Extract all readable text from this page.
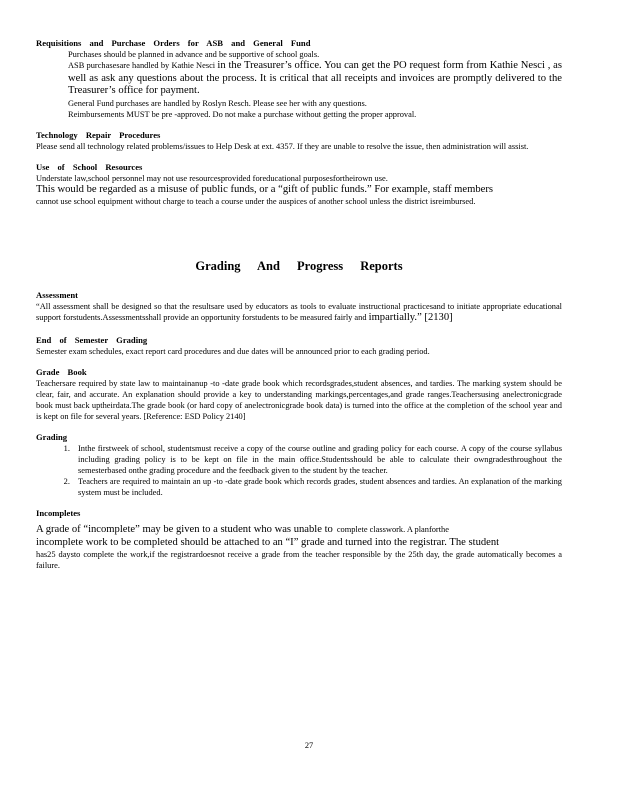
Requisitions and Purchase Orders for ASB and General Fund
Purchases should be planned in advance and be supportive of school goals.
ASB purchasesare handled by Kathie Nesci in the Treasurer’s office. You can get the PO request form from Kathie Nesci , as well as ask any questions about the process. It is critical that all receipts and invoices are promptly delivered to the Treasurer’s office for payment.
General Fund purchases are handled by Roslyn Resch. Please see her with any questions.
Reimbursements MUST be pre -approved. Do not make a purchase without getting the proper approval.
Technology Repair Procedures
Please send all technology related problems/issues to Help Desk at ext. 4357. If they are unable to resolve the issue, then administration will assist.
Use of School Resources
Understate law,school personnel may not use resourcesprovided foreducational purposesfortheirown use.
This would be regarded as a misuse of public funds, or a “gift of public funds.” For example, staff members
cannot use school equipment without charge to teach a course under the auspices of another school unless the district isreimbursed.
Grading And Progress Reports
Assessment
“All assessment shall be designed so that the resultsare used by educators as tools to evaluate instructional practicesand to initiate appropriate educational support forstudents.Assessmentsshall provide an opportunity forstudents to be measured fairly and impartially.” [2130]
End of Semester Grading
Semester exam schedules, exact report card procedures and due dates will be announced prior to each grading period.
Grade Book
Teachersare required by state law to maintainanup -to -date grade book which recordsgrades,student absences, and tardies. The marking system should be clear, fair, and accurate. An explanation should provide a key to understanding markings,percentages,and grade ranges.Teachersusing anelectronicgrade book must back uptheirdata.The grade book (or hard copy of anelectronicgrade book data) is turned into the office at the completion of the school year and is kept on file for several years. [Reference: ESD Policy 2140]
Grading
1. Inthe firstweek of school, studentsmust receive a copy of the course outline and grading policy for each course. A copy of the course syllabus including grading policy is to be kept on file in the main office.Studentsshould be able to calculate their owngradesthroughout the semesterbased onthe grading procedure and the feedback given to the student by the teacher.
2. Teachers are required to maintain an up -to -date grade book which records grades, student absences and tardies. An explanation of the marking system must be included.
Incompletes
A grade of “incomplete” may be given to a student who was unable to complete classwork. A planforthe
incomplete work to be completed should be attached to an “I” grade and turned into the registrar. The student
has25 daysto complete the work,if the registrardoesnot receive a grade from the teacher responsible by the 25th day, the grade automatically becomes a failure.
27
